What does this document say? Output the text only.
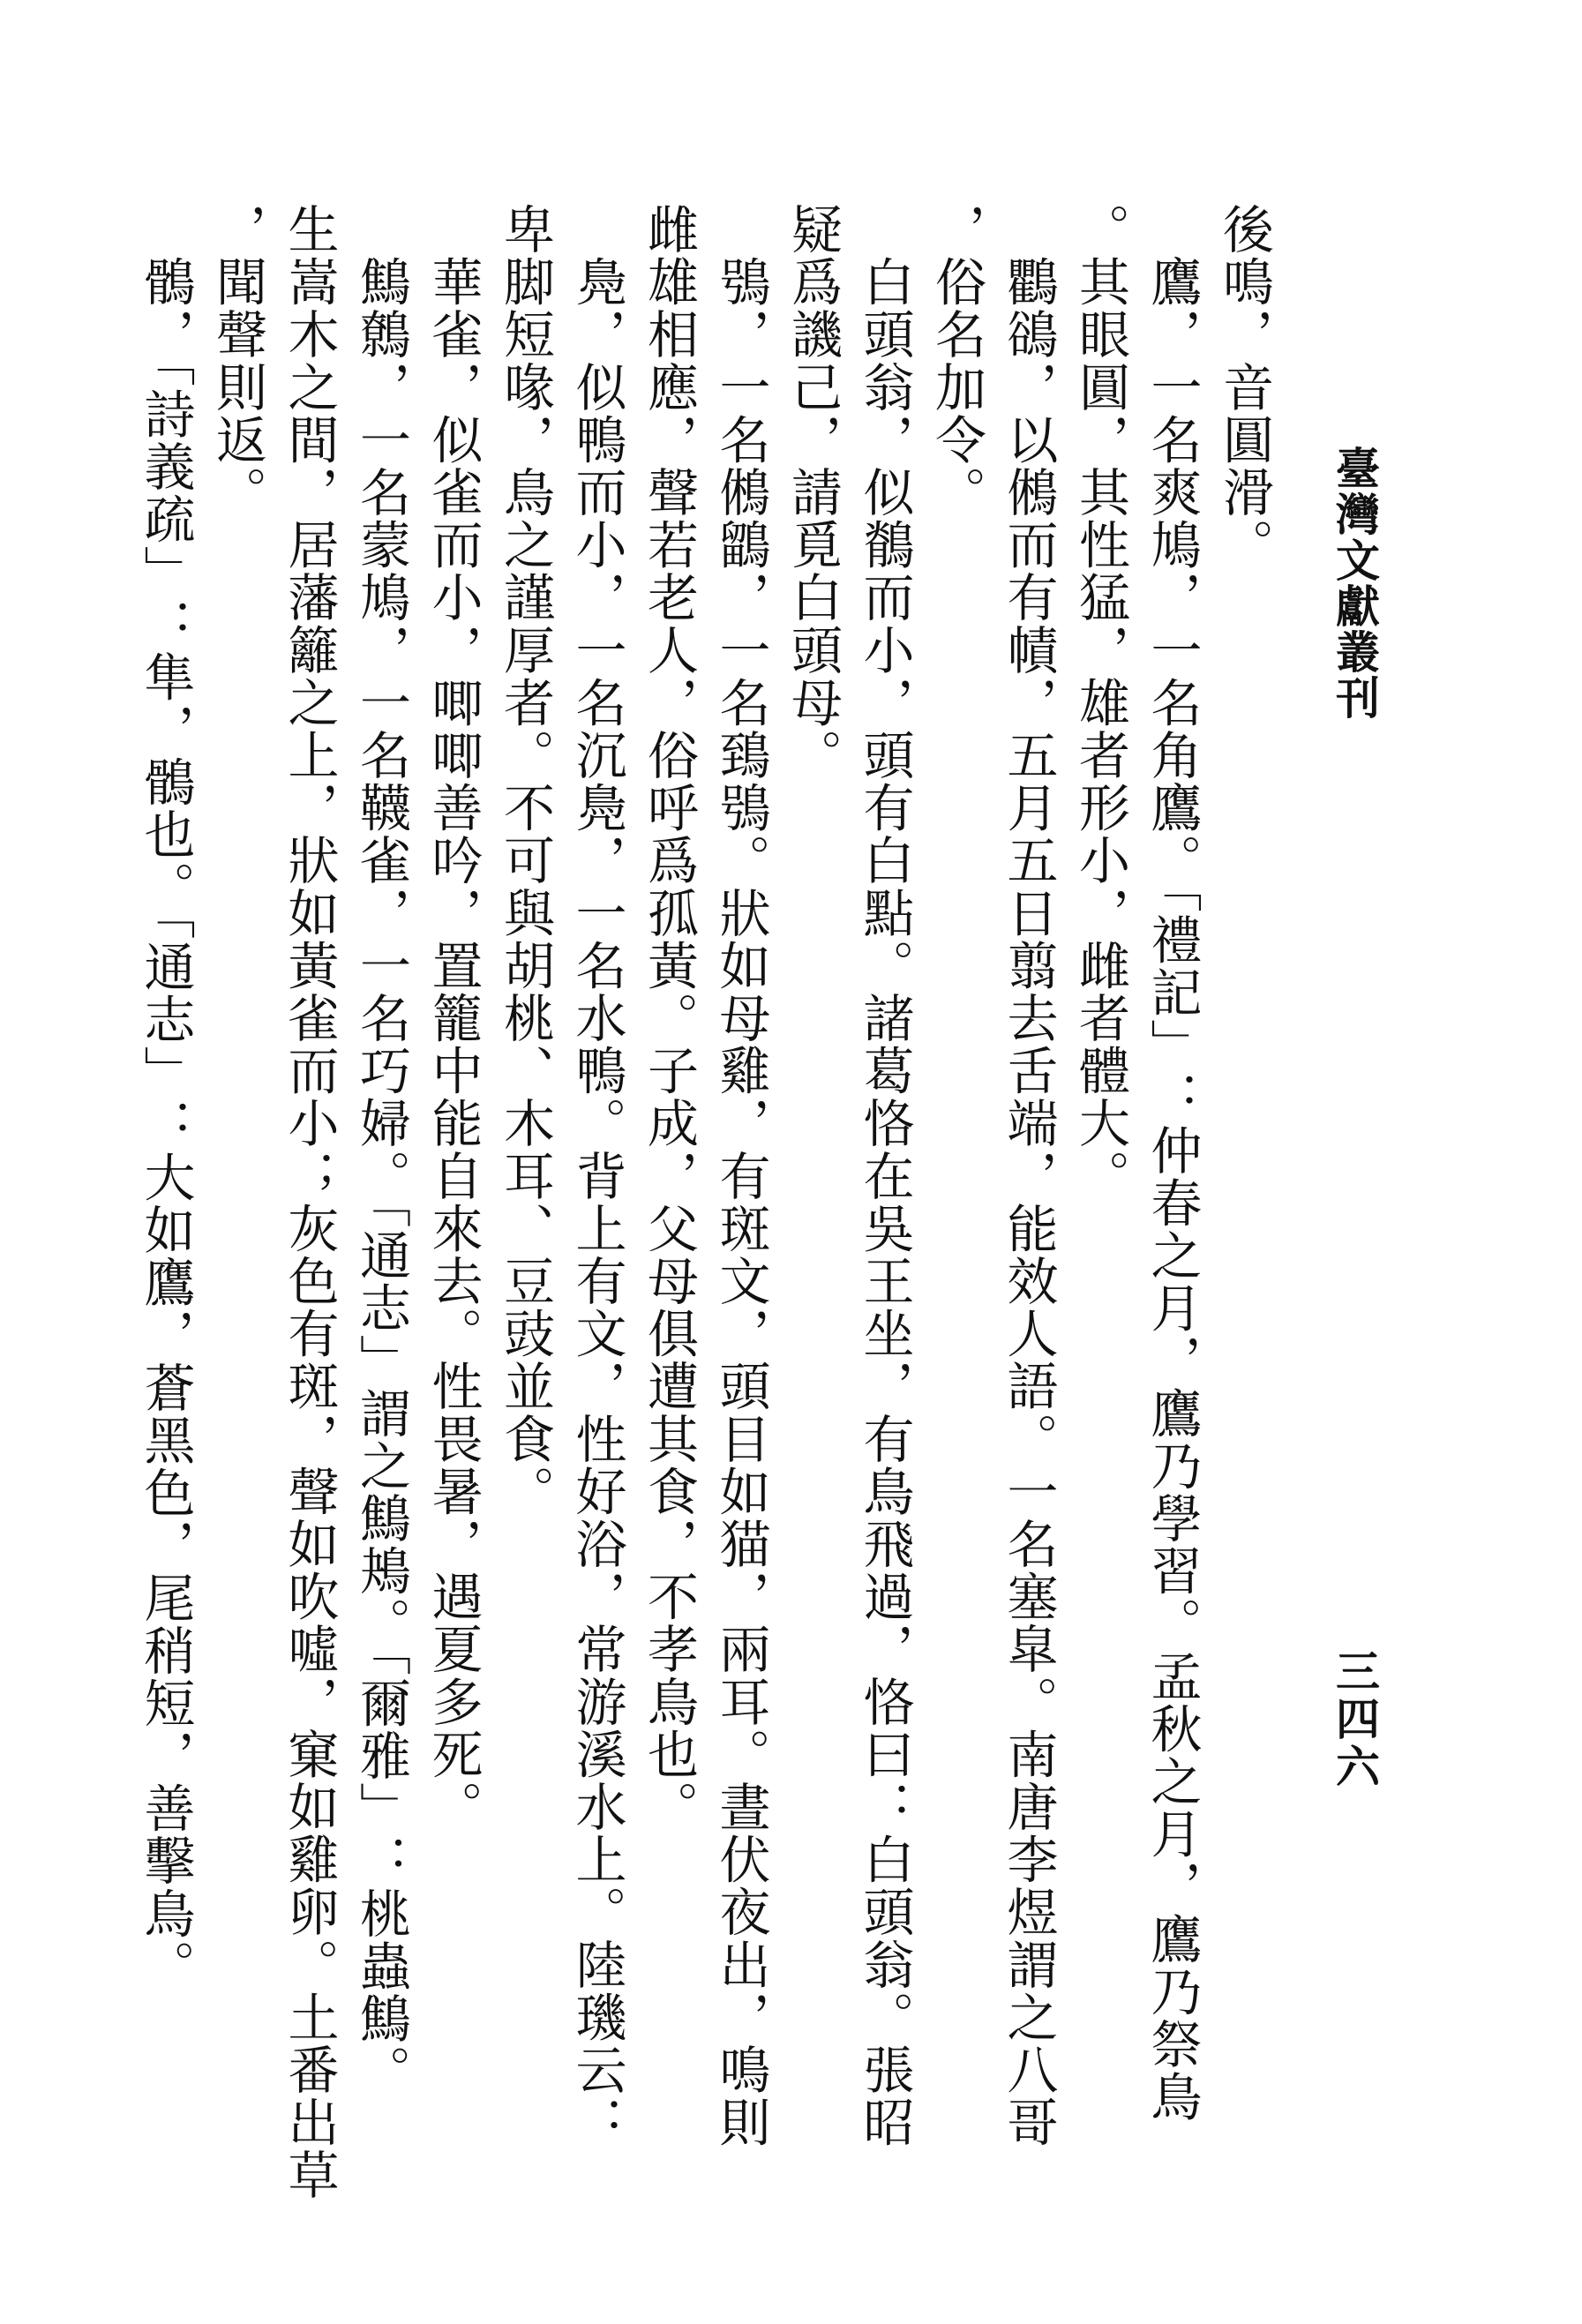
臺灣文獻叢刊
三四六

後鳴，音圓滑。

　鷹，一名爽鳩，一名角鷹。「禮記」：仲春之月，鷹乃學習。孟秋之月，鷹乃祭鳥

。其眼圓，其性猛，雄者形小，雌者體大。

　鸜鵒，以鵂而有幘，五月五日翦去舌端，能效人語。一名塞皐。南唐李煜謂之八哥

，俗名加令。

　白頭翁，似鶺而小，頭有白點。諸葛恪在吳王坐，有鳥飛過，恪曰：白頭翁。張昭

疑爲譏己，請覓白頭母。

　鴞，一名鵂鶹，一名鵄鴞。狀如母雞，有斑文，頭目如猫，兩耳。晝伏夜出，鳴則

雌雄相應，聲若老人，俗呼爲孤黃。子成，父母俱遭其食，不孝鳥也。

　鳧，似鴨而小，一名沉鳧，一名水鴨。背上有文，性好浴，常游溪水上。陸璣云：

卑脚短喙，鳥之謹厚者。不可與胡桃、木耳、豆豉並食。

　華雀，似雀而小，唧唧善吟，置籠中能自來去。性畏暑，遇夏多死。

　鷦鷯，一名蒙鳩，一名韈雀，一名巧婦。「通志」謂之鷦鴂。「爾雅」：桃蟲鷦。

生嵩木之間，居藩籬之上，狀如黃雀而小；灰色有斑，聲如吹噓，窠如雞卵。土番出草

，聞聲則返。

　鶻，「詩義疏」：隼，鶻也。「通志」：大如鷹，蒼黑色，尾稍短，善擊鳥。
